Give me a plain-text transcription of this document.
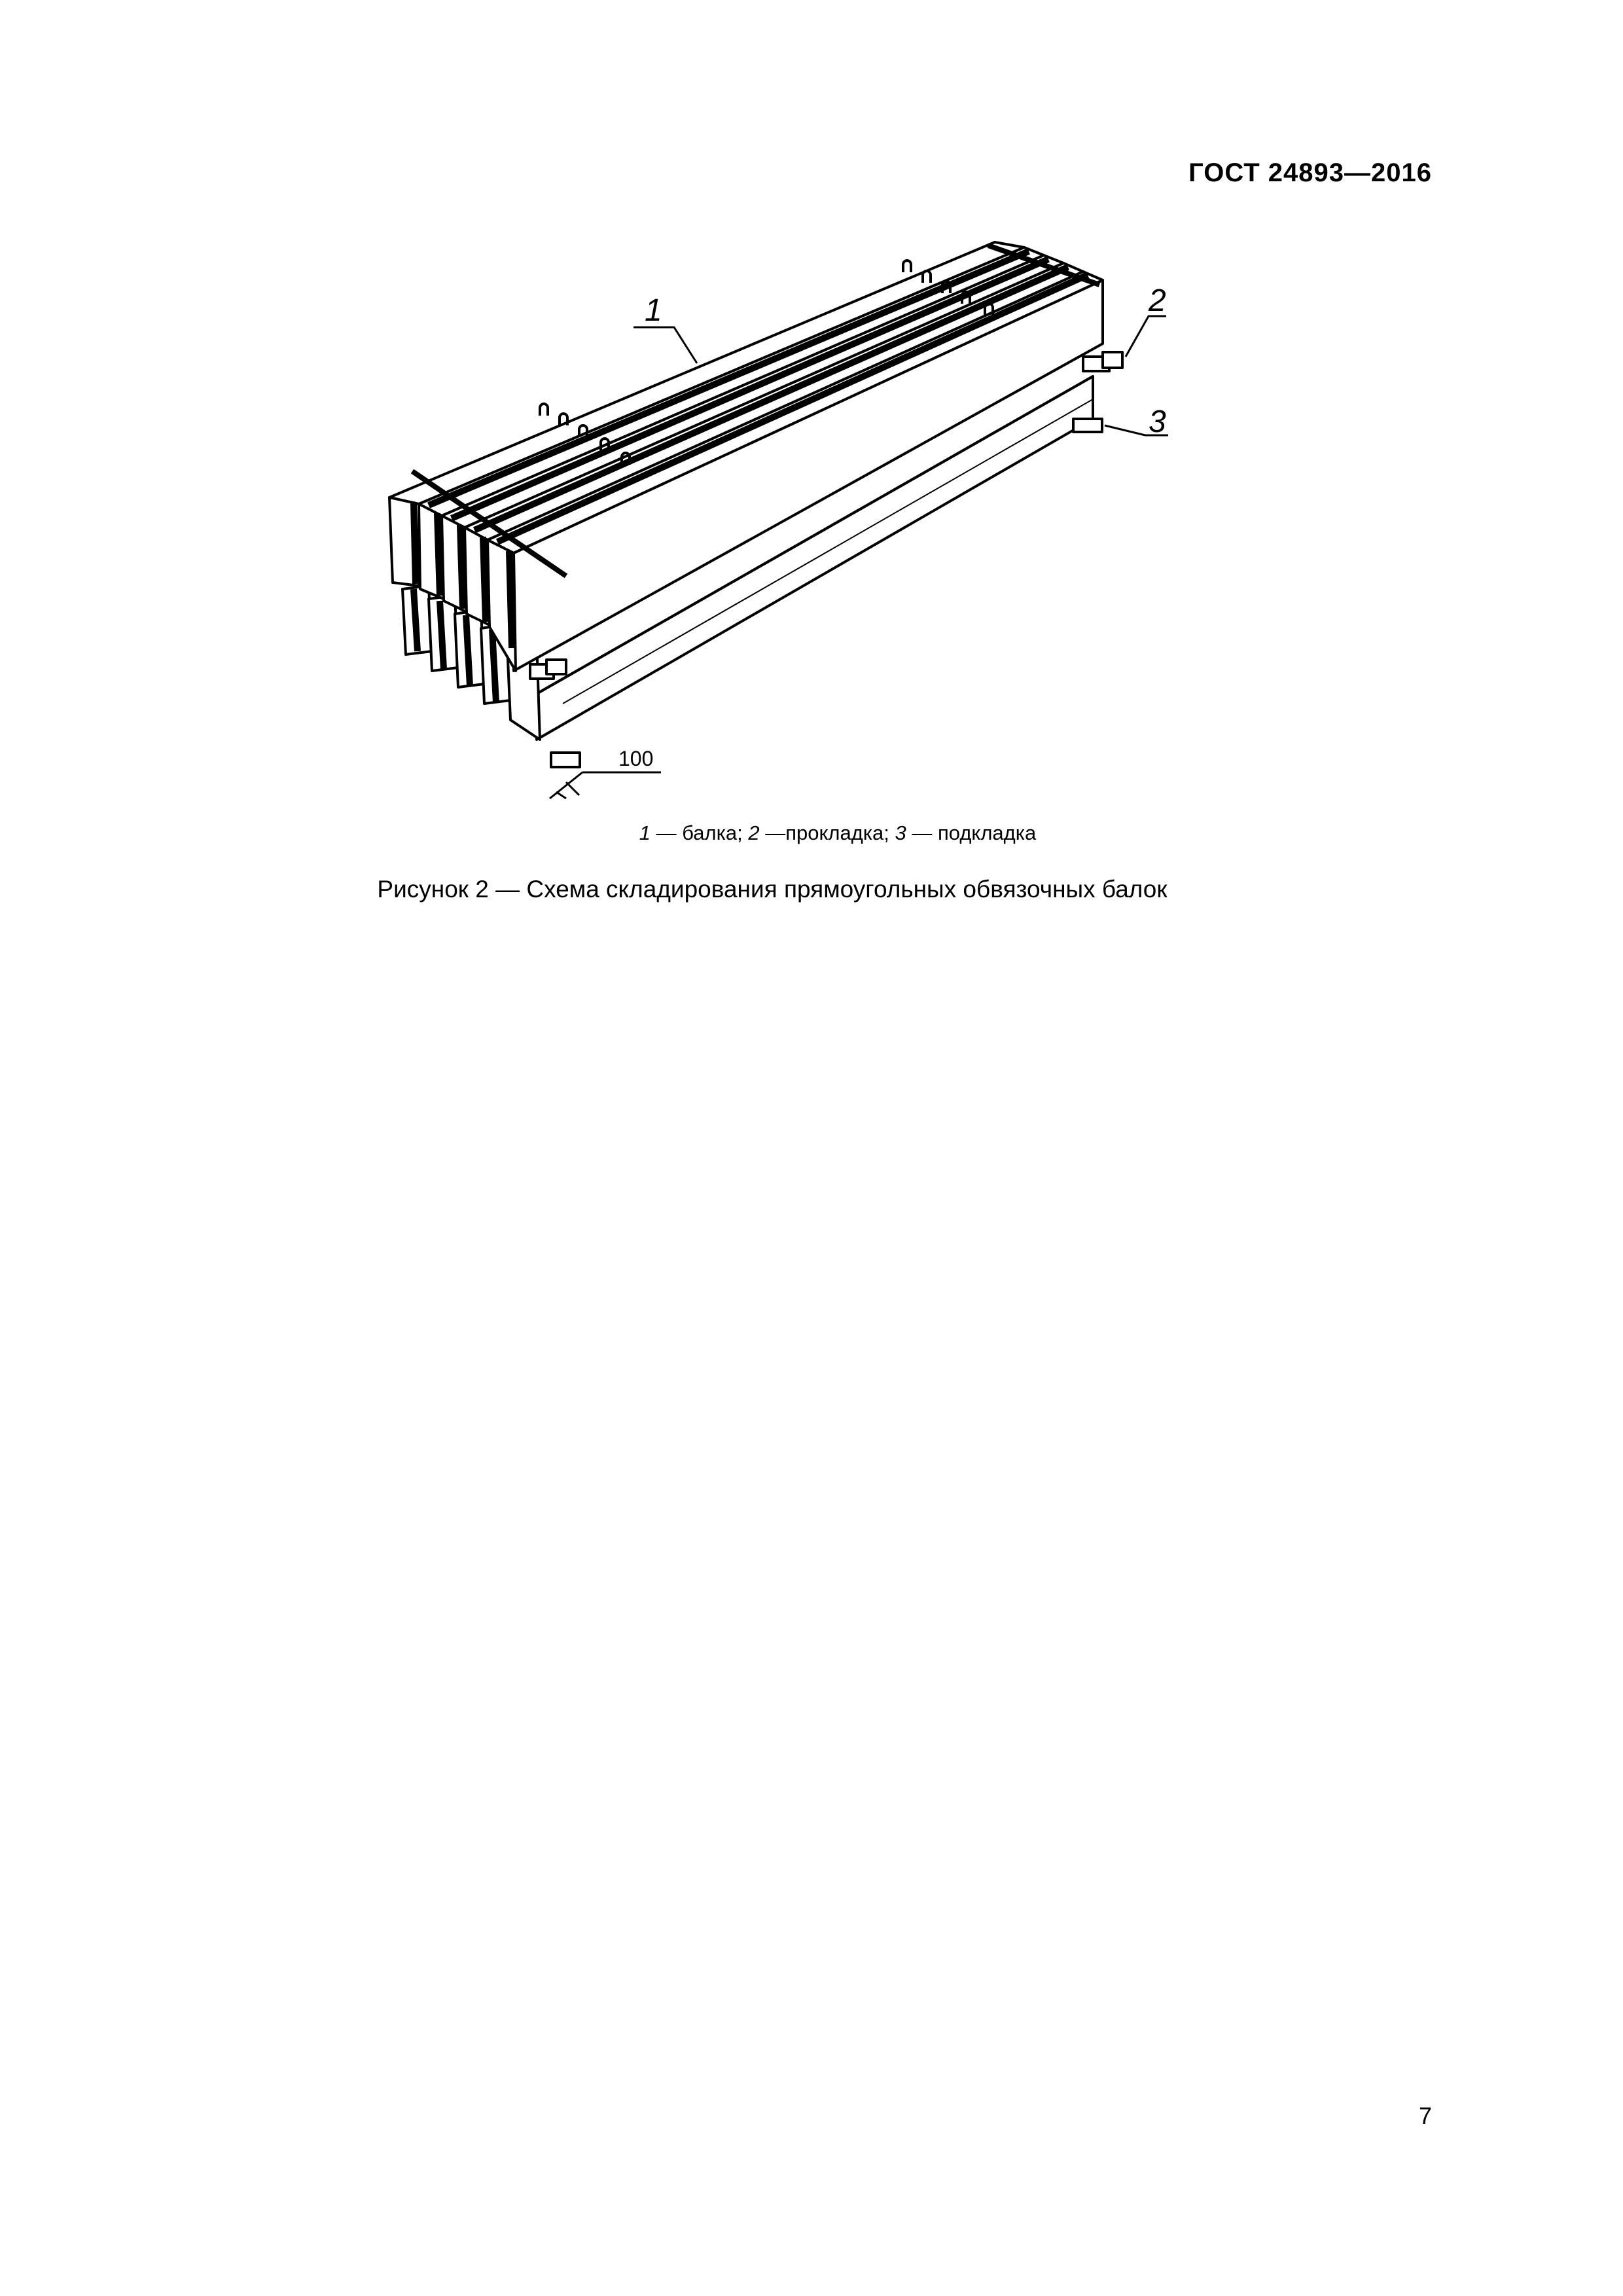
ГОСТ 24893—2016
1	2
3
100
1 — балка; 2 —прокладка; 3 — подкладка
Рисунок 2 — Схема складирования прямоугольных обвязочных балок
7
